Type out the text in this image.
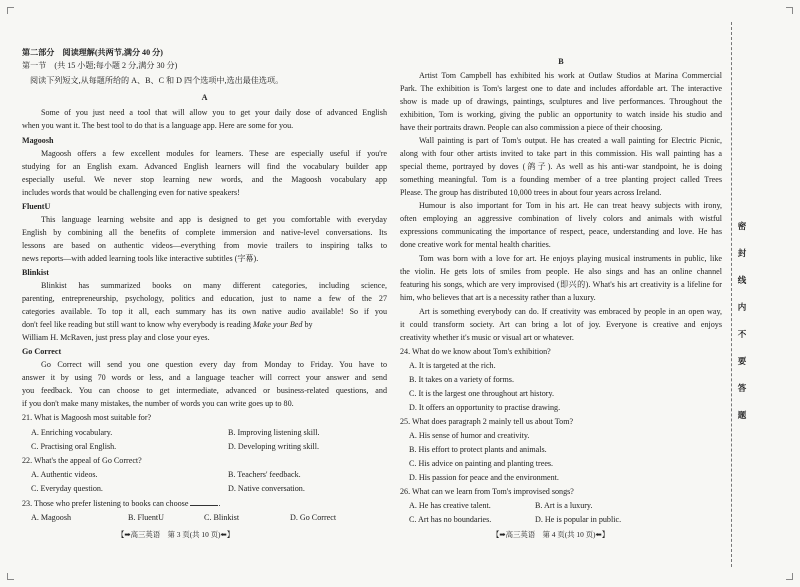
第二部分　阅读理解(共两节,满分 40 分)
第一节　(共 15 小题;每小题 2 分,满分 30 分)
阅读下列短文,从每题所给的 A、B、C 和 D 四个选项中,选出最佳选项。
A
Some of you just need a tool that will allow you to get your daily dose of advanced English
when you want it. The best tool to do that is a language app. Here are some for you.
Magoosh
Magoosh offers a few excellent modules for learners. These are especially useful if you're
studying for an English exam. Advanced English learners will find the vocabulary builder app
especially useful. We never stop learning new words, and the Magoosh vocabulary app
includes words that would be challenging even for native speakers!
FluentU
This language learning website and app is designed to get you comfortable with everyday
English by combining all the benefits of complete immersion and native-level conversations. Its
lessons are based on authentic videos—everything from movie trailers to inspiring talks to
news reports—with added learning tools like interactive subtitles (字幕).
Blinkist
Blinkist has summarized books on many different categories, including science,
parenting, entrepreneurship, psychology, politics and education, just to name a few of the 27
categories available. To top it all, each summary has its own native audio available! So if you
don't feel like reading but still want to know why everybody is reading Make your Bed by
William H. McRaven, just press play and close your eyes.
Go Correct
Go Correct will send you one question every day from Monday to Friday. You have to
answer it by using 70 words or less, and a language teacher will correct your answer and send
you feedback. You can choose to get intermediate, advanced or business-related questions, and
if you don't make many mistakes, the number of words you can write goes up to 80.
21. What is Magoosh most suitable for?
A. Enriching vocabulary.	B. Improving listening skill.
C. Practising oral English.	D. Developing writing skill.
22. What's the appeal of Go Correct?
A. Authentic videos.	B. Teachers' feedback.
C. Everyday question.	D. Native conversation.
23. Those who prefer listening to books can choose	.
A. Magoosh	B. FluentU	C. Blinkist	D. Go Correct
【➡高三英语　第 3 页(共 10 页)⬅】
B
Artist Tom Campbell has exhibited his work at Outlaw Studios at Marina Commercial
Park. The exhibition is Tom's largest one to date and includes affordable art. The interactive
show is made up of drawings, paintings, sculptures and live performances. Throughout the
exhibition, Tom is working, giving the public an opportunity to watch inside his studio and
have their portraits drawn. People can also commission a piece of their choosing.
Wall painting is part of Tom's output. He has created a wall painting for Electric Picnic,
along with four other artists invited to take part in this commission. His wall painting has a
special theme, portrayed by doves (鸽子). As well as his anti-war standpoint, he is doing
something meaningful. Tom is a founding member of a tree planting project called Trees
Please. The group has distributed 10,000 trees in about four years across Ireland.
Humour is also important for Tom in his art. He can treat heavy subjects with irony,
often employing an aggressive combination of lively colors and animals with wistful
expressions communicating the importance of respect, peace, understanding and love. He has
done creative work for mental health charities.
Tom was born with a love for art. He enjoys playing musical instruments in public, like
the violin. He gets lots of smiles from people. He also sings and has an online channel
featuring his songs, which are very improvised (即兴的). What's his art creativity is a lifeline for
him, who believes that art is a necessity rather than a luxury.
Art is something everybody can do. If creativity was embraced by people in an open way,
it could transform society. Art can bring a lot of joy. Everyone is creative and enjoys
creativity whether it's music or visual art or whatever.
24. What do we know about Tom's exhibition?
A. It is targeted at the rich.
B. It takes on a variety of forms.
C. It is the largest one throughout art history.
D. It offers an opportunity to practise drawing.
25. What does paragraph 2 mainly tell us about Tom?
A. His sense of humor and creativity.
B. His effort to protect plants and animals.
C. His advice on painting and planting trees.
D. His passion for peace and the environment.
26. What can we learn from Tom's improvised songs?
A. He has creative talent.	B. Art is a luxury.
C. Art has no boundaries.	D. He is popular in public.
【➡高三英语　第 4 页(共 10 页)⬅】
密
封
线
内
不
要
答
题
